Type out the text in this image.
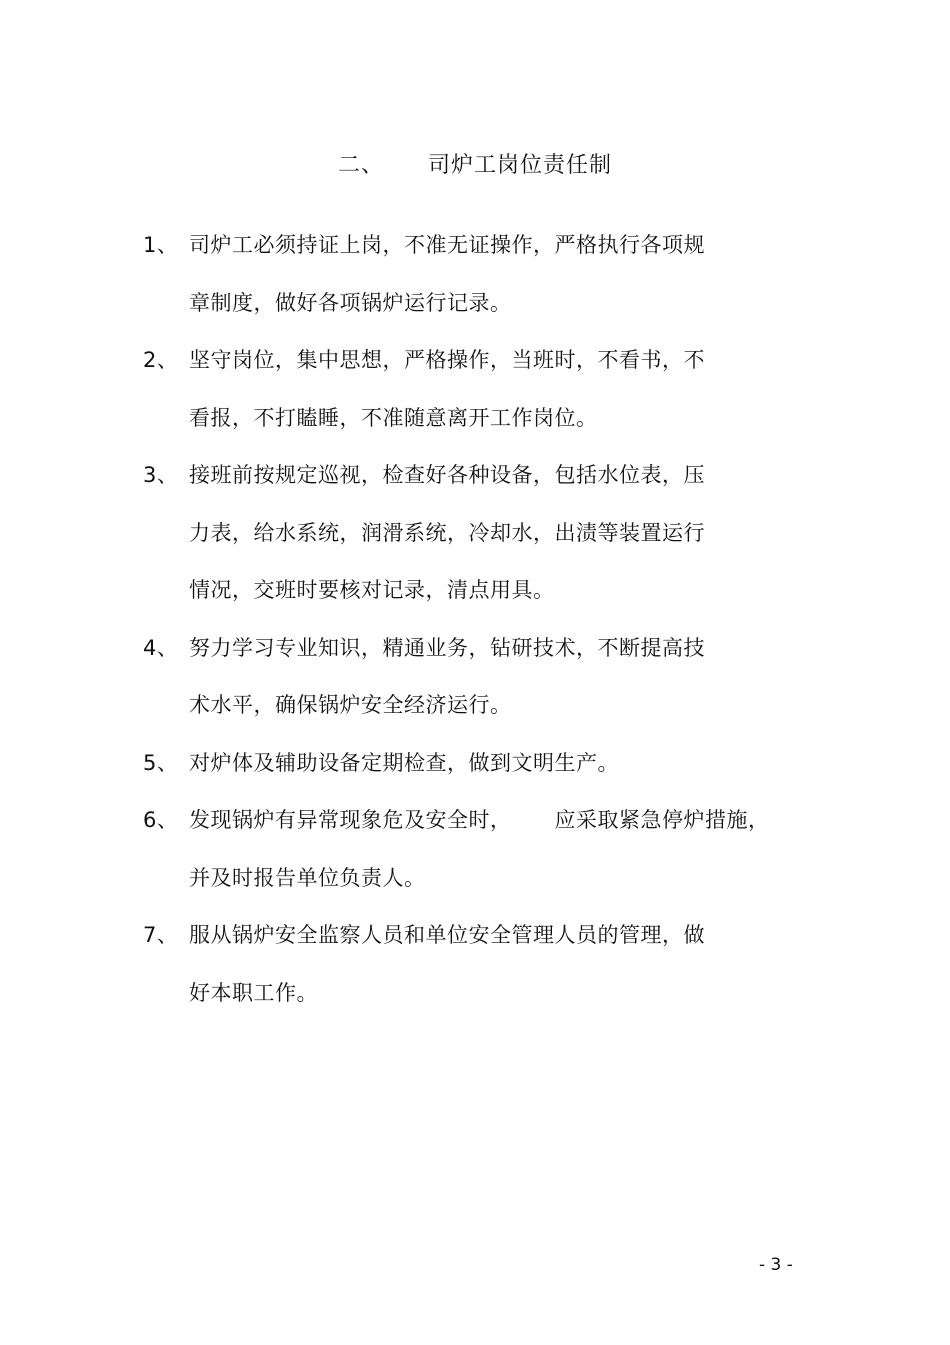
二、 司炉工岗位责任制
1、 司炉工必须持证上岗，不准无证操作，严格执行各项规
章制度，做好各项锅炉运行记录。
2、 坚守岗位，集中思想，严格操作，当班时，不看书，不
看报，不打瞌睡，不准随意离开工作岗位。
3、 接班前按规定巡视，检查好各种设备，包括水位表，压
力表，给水系统，润滑系统，冷却水，出渍等装置运行
情况，交班时要核对记录，清点用具。
4、 努力学习专业知识，精通业务，钻研技术，不断提高技
术水平，确保锅炉安全经济运行。
5、 对炉体及辅助设备定期检查，做到文明生产。
6、 发现锅炉有异常现象危及安全时，      应采取紧急停炉措施，
并及时报告单位负责人。
7、 服从锅炉安全监察人员和单位安全管理人员的管理，做
好本职工作。
- 3 -
